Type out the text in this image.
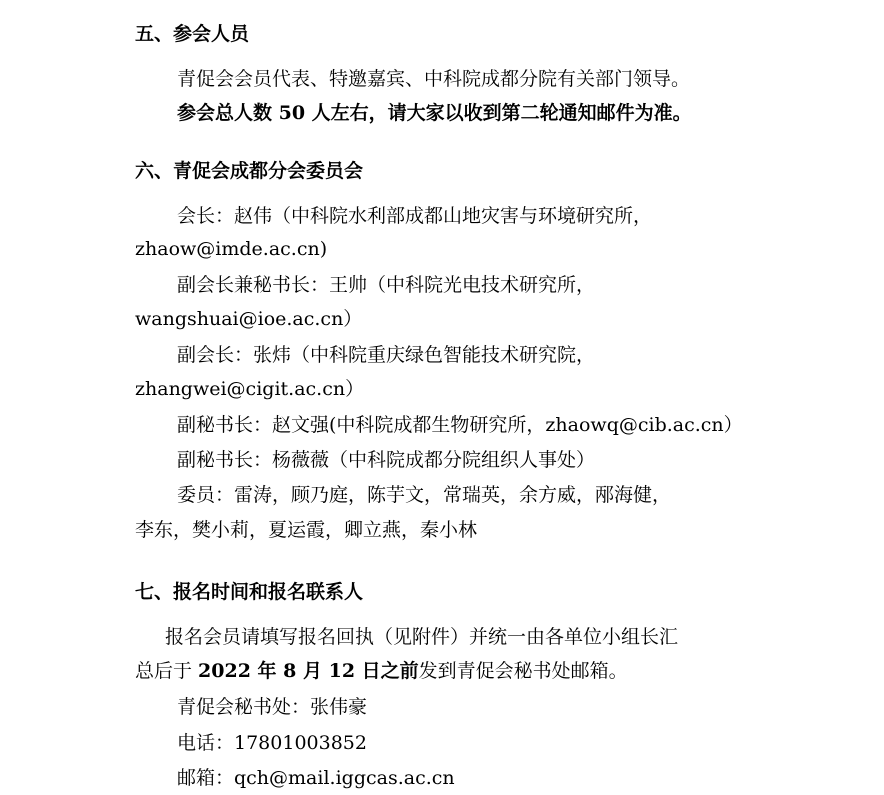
五、参会人员
青促会会员代表、特邀嘉宾、中科院成都分院有关部门领导。
参会总人数 50 人左右，请大家以收到第二轮通知邮件为准。
六、青促会成都分会委员会
会长：赵伟（中科院水利部成都山地灾害与环境研究所，
zhaow@imde.ac.cn)
副会长兼秘书长：王帅（中科院光电技术研究所，
wangshuai@ioe.ac.cn）
副会长：张炜（中科院重庆绿色智能技术研究院，
zhangwei@cigit.ac.cn）
副秘书长：赵文强(中科院成都生物研究所，zhaowq@cib.ac.cn）
副秘书长：杨薇薇（中科院成都分院组织人事处）
委员：雷涛，顾乃庭，陈芋文，常瑞英，余方威，邴海健，
李东，樊小莉，夏运霞，卿立燕，秦小林
七、报名时间和报名联系人
报名会员请填写报名回执（见附件）并统一由各单位小组长汇
总后于 2022 年 8 月 12 日之前发到青促会秘书处邮箱。
青促会秘书处：张伟豪
电话：17801003852
邮箱：qch@mail.iggcas.ac.cn
